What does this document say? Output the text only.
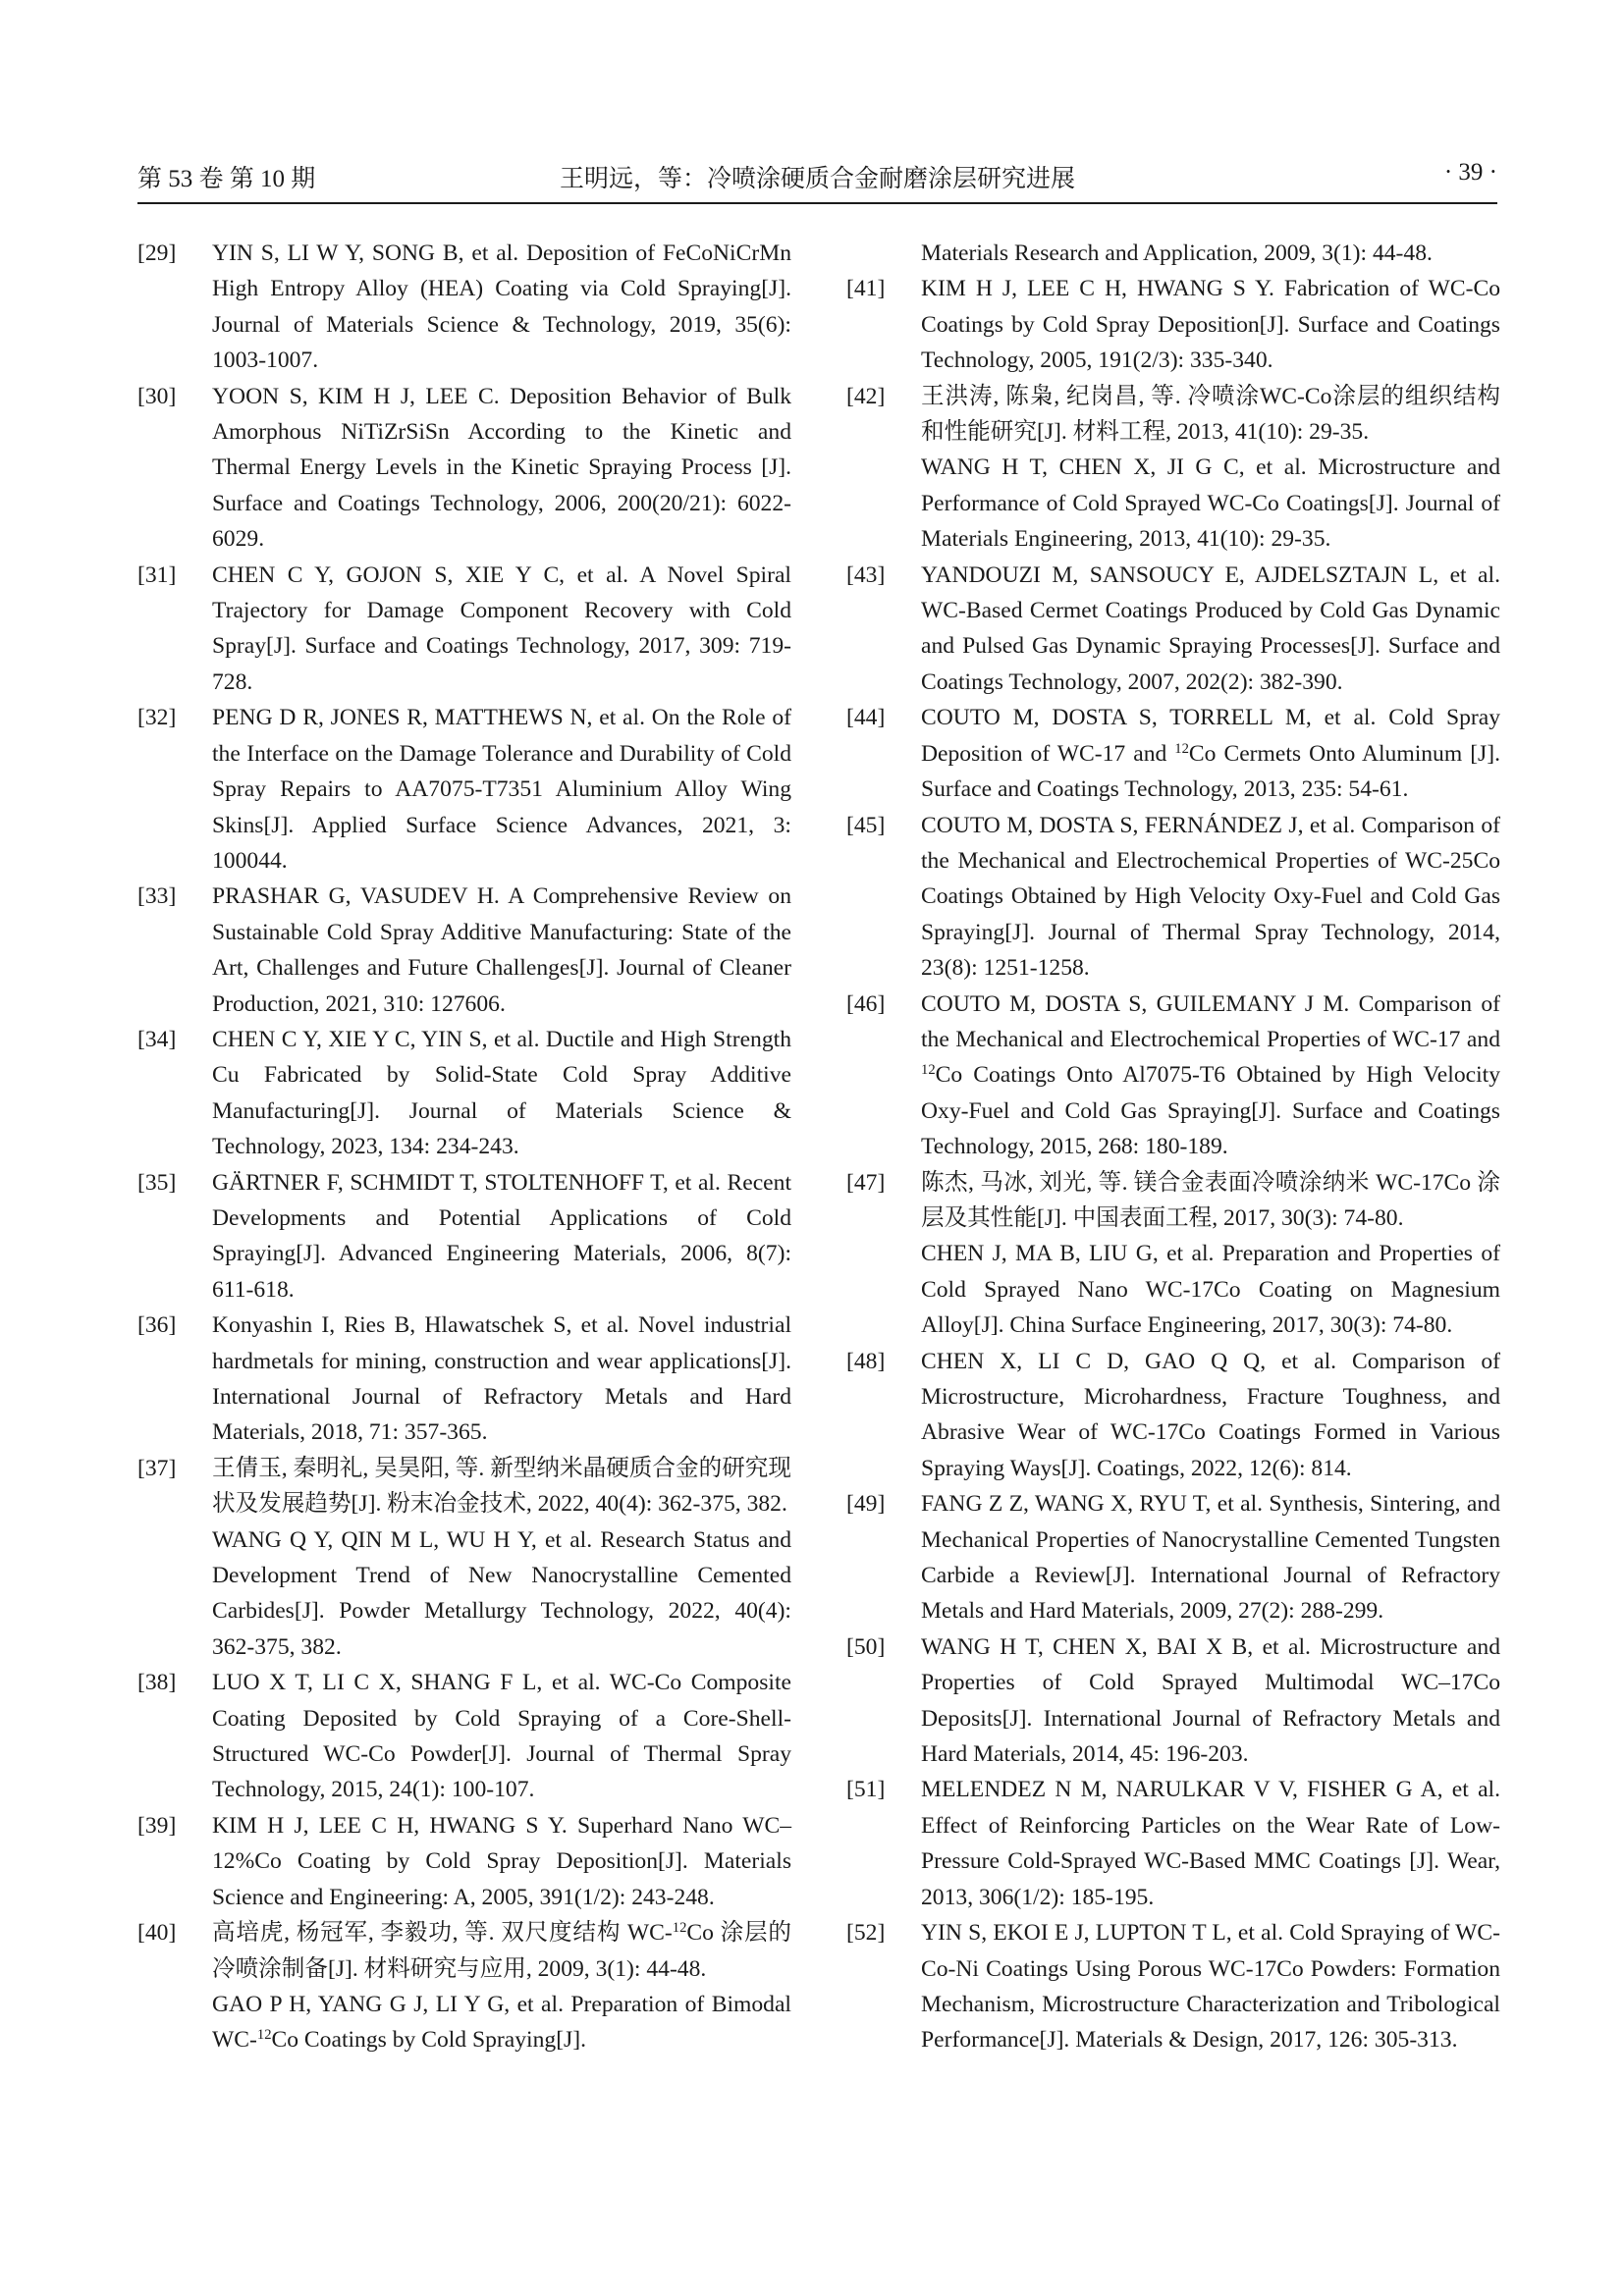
第 53 卷 第 10 期	王明远，等：冷喷涂硬质合金耐磨涂层研究进展	· 39 ·
[29] YIN S, LI W Y, SONG B, et al. Deposition of FeCoNiCrMn High Entropy Alloy (HEA) Coating via Cold Spraying[J]. Journal of Materials Science & Technology, 2019, 35(6): 1003-1007.
[30] YOON S, KIM H J, LEE C. Deposition Behavior of Bulk Amorphous NiTiZrSiSn According to the Kinetic and Thermal Energy Levels in the Kinetic Spraying Process [J]. Surface and Coatings Technology, 2006, 200(20/21): 6022-6029.
[31] CHEN C Y, GOJON S, XIE Y C, et al. A Novel Spiral Trajectory for Damage Component Recovery with Cold Spray[J]. Surface and Coatings Technology, 2017, 309: 719-728.
[32] PENG D R, JONES R, MATTHEWS N, et al. On the Role of the Interface on the Damage Tolerance and Durability of Cold Spray Repairs to AA7075-T7351 Aluminium Alloy Wing Skins[J]. Applied Surface Science Advances, 2021, 3: 100044.
[33] PRASHAR G, VASUDEV H. A Comprehensive Review on Sustainable Cold Spray Additive Manufacturing: State of the Art, Challenges and Future Challenges[J]. Journal of Cleaner Production, 2021, 310: 127606.
[34] CHEN C Y, XIE Y C, YIN S, et al. Ductile and High Strength Cu Fabricated by Solid-State Cold Spray Additive Manufacturing[J]. Journal of Materials Science & Technology, 2023, 134: 234-243.
[35] GÄRTNER F, SCHMIDT T, STOLTENHOFF T, et al. Recent Developments and Potential Applications of Cold Spraying[J]. Advanced Engineering Materials, 2006, 8(7): 611-618.
[36] Konyashin I, Ries B, Hlawatschek S, et al. Novel industrial hardmetals for mining, construction and wear applications[J]. International Journal of Refractory Metals and Hard Materials, 2018, 71: 357-365.
[37] 王倩玉, 秦明礼, 吴昊阳, 等. 新型纳米晶硬质合金的研究现状及发展趋势[J]. 粉末冶金技术, 2022, 40(4): 362-375, 382.
WANG Q Y, QIN M L, WU H Y, et al. Research Status and Development Trend of New Nanocrystalline Cemented Carbides[J]. Powder Metallurgy Technology, 2022, 40(4): 362-375, 382.
[38] LUO X T, LI C X, SHANG F L, et al. WC-Co Composite Coating Deposited by Cold Spraying of a Core-Shell-Structured WC-Co Powder[J]. Journal of Thermal Spray Technology, 2015, 24(1): 100-107.
[39] KIM H J, LEE C H, HWANG S Y. Superhard Nano WC–12%Co Coating by Cold Spray Deposition[J]. Materials Science and Engineering: A, 2005, 391(1/2): 243-248.
[40] 高培虎, 杨冠军, 李毅功, 等. 双尺度结构 WC-$^{12}$Co 涂层的冷喷涂制备[J]. 材料研究与应用, 2009, 3(1): 44-48.
GAO P H, YANG G J, LI Y G, et al. Preparation of Bimodal WC-$^{12}$Co Coatings by Cold Spraying[J].
Materials Research and Application, 2009, 3(1): 44-48.
[41] KIM H J, LEE C H, HWANG S Y. Fabrication of WC-Co Coatings by Cold Spray Deposition[J]. Surface and Coatings Technology, 2005, 191(2/3): 335-340.
[42] 王洪涛, 陈枭, 纪岗昌, 等. 冷喷涂WC-Co涂层的组织结构和性能研究[J]. 材料工程, 2013, 41(10): 29-35.
WANG H T, CHEN X, JI G C, et al. Microstructure and Performance of Cold Sprayed WC-Co Coatings[J]. Journal of Materials Engineering, 2013, 41(10): 29-35.
[43] YANDOUZI M, SANSOUCY E, AJDELSZTAJN L, et al. WC-Based Cermet Coatings Produced by Cold Gas Dynamic and Pulsed Gas Dynamic Spraying Processes[J]. Surface and Coatings Technology, 2007, 202(2): 382-390.
[44] COUTO M, DOSTA S, TORRELL M, et al. Cold Spray Deposition of WC-17 and $^{12}$Co Cermets Onto Aluminum [J]. Surface and Coatings Technology, 2013, 235: 54-61.
[45] COUTO M, DOSTA S, FERNÁNDEZ J, et al. Comparison of the Mechanical and Electrochemical Properties of WC-25Co Coatings Obtained by High Velocity Oxy-Fuel and Cold Gas Spraying[J]. Journal of Thermal Spray Technology, 2014, 23(8): 1251-1258.
[46] COUTO M, DOSTA S, GUILEMANY J M. Comparison of the Mechanical and Electrochemical Properties of WC-17 and $^{12}$Co Coatings Onto Al7075-T6 Obtained by High Velocity Oxy-Fuel and Cold Gas Spraying[J]. Surface and Coatings Technology, 2015, 268: 180-189.
[47] 陈杰, 马冰, 刘光, 等. 镁合金表面冷喷涂纳米 WC-17Co 涂层及其性能[J]. 中国表面工程, 2017, 30(3): 74-80.
CHEN J, MA B, LIU G, et al. Preparation and Properties of Cold Sprayed Nano WC-17Co Coating on Magnesium Alloy[J]. China Surface Engineering, 2017, 30(3): 74-80.
[48] CHEN X, LI C D, GAO Q Q, et al. Comparison of Microstructure, Microhardness, Fracture Toughness, and Abrasive Wear of WC-17Co Coatings Formed in Various Spraying Ways[J]. Coatings, 2022, 12(6): 814.
[49] FANG Z Z, WANG X, RYU T, et al. Synthesis, Sintering, and Mechanical Properties of Nanocrystalline Cemented Tungsten Carbide a Review[J]. International Journal of Refractory Metals and Hard Materials, 2009, 27(2): 288-299.
[50] WANG H T, CHEN X, BAI X B, et al. Microstructure and Properties of Cold Sprayed Multimodal WC–17Co Deposits[J]. International Journal of Refractory Metals and Hard Materials, 2014, 45: 196-203.
[51] MELENDEZ N M, NARULKAR V V, FISHER G A, et al. Effect of Reinforcing Particles on the Wear Rate of Low-Pressure Cold-Sprayed WC-Based MMC Coatings [J]. Wear, 2013, 306(1/2): 185-195.
[52] YIN S, EKOI E J, LUPTON T L, et al. Cold Spraying of WC-Co-Ni Coatings Using Porous WC-17Co Powders: Formation Mechanism, Microstructure Characterization and Tribological Performance[J]. Materials & Design, 2017, 126: 305-313.
